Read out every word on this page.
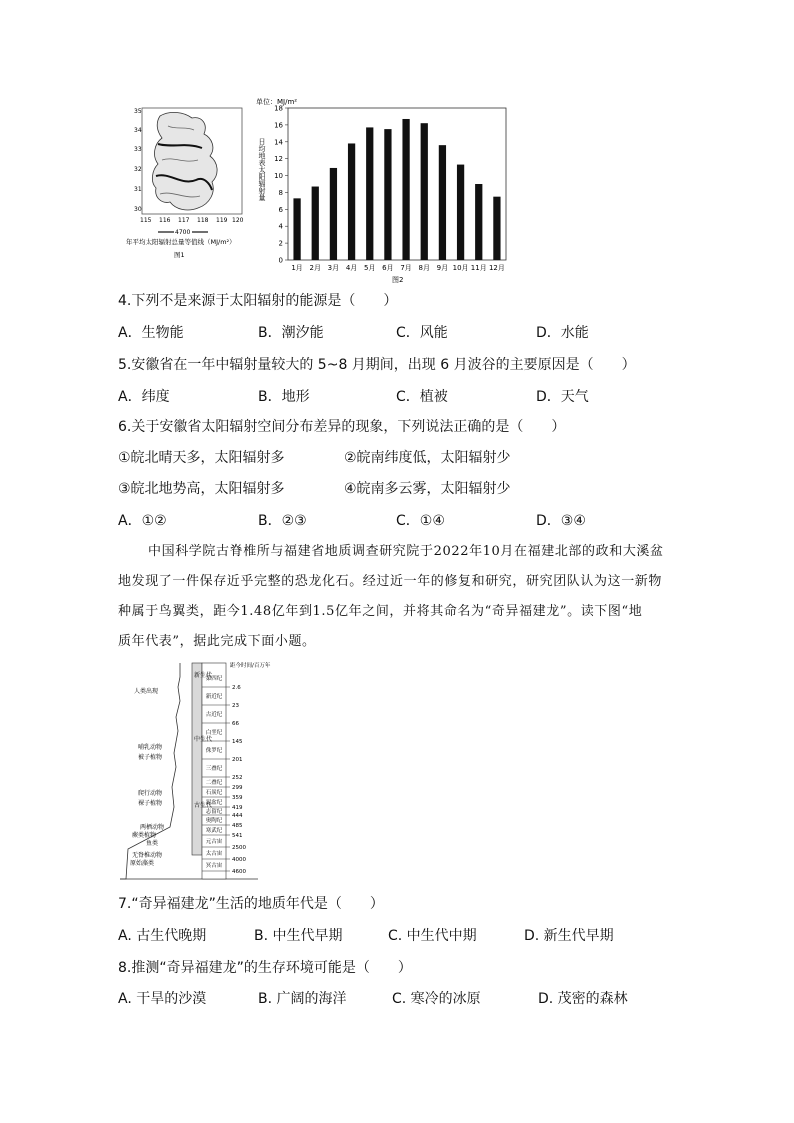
35
34
33
32
31
30
115 116 117 118 119 120
4700
年平均太阳辐射总量等值线（MJ/m²）
图1
单位：MJ/m²
0
2
4
6
8
10
12
14
16
18
日均地表太阳辐射量
1月 2月 3月 4月 5月 6月 7月 8月 9月 10月 11月 12月
图2
4.下列不是来源于太阳辐射的能源是（　　）
A．生物能	B．潮汐能	C．风能	D．水能
5.安徽省在一年中辐射量较大的 5~8 月期间，出现 6 月波谷的主要原因是（　　）
A．纬度	B．地形	C．植被	D．天气
6.关于安徽省太阳辐射空间分布差异的现象，下列说法正确的是（　　）
①皖北晴天多，太阳辐射多	②皖南纬度低，太阳辐射少
③皖北地势高，太阳辐射多	④皖南多云雾，太阳辐射少
A．①②	B．②③	C．①④	D．③④
中国科学院古脊椎所与福建省地质调查研究院于2022年10月在福建北部的政和大溪盆
地发现了一件保存近乎完整的恐龙化石。经过近一年的修复和研究，研究团队认为这一新物
种属于鸟翼类，距今1.48亿年到1.5亿年之间，并将其命名为“奇异福建龙”。读下图“地
质年代表”，据此完成下面小题。
新生代
中生代
古生代
距今时间/百万年
第四纪
2.6
新近纪
23
古近纪
66
白垩纪
145
侏罗纪
201
三叠纪
252
二叠纪
299
石炭纪
359
泥盆纪
419
志留纪
444
奥陶纪
485
寒武纪
541
元古宙
2500
太古宙
4000
冥古宙
4600
人类出现
哺乳动物
被子植物
爬行动物
裸子植物
两栖动物
蕨类植物
鱼类
无脊椎动物
原始藻类
7.“奇异福建龙”生活的地质年代是（　　）
A. 古生代晚期	B. 中生代早期	C. 中生代中期	D. 新生代早期
8.推测“奇异福建龙”的生存环境可能是（　　）
A. 干旱的沙漠	B. 广阔的海洋	C. 寒冷的冰原	D. 茂密的森林
